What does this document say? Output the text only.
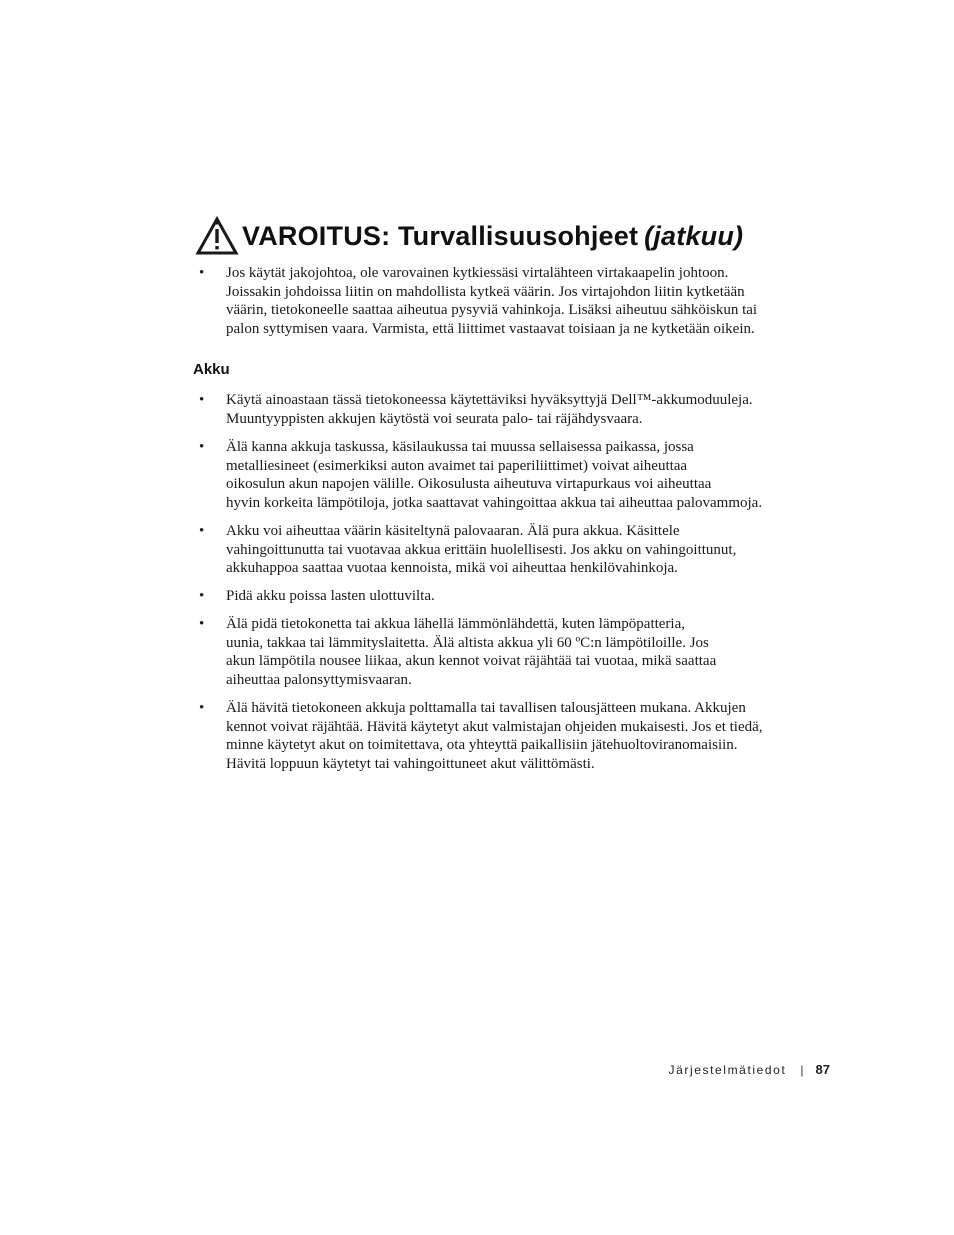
VAROITUS: Turvallisuusohjeet (jatkuu)
•	Jos käytät jakojohtoa, ole varovainen kytkiessäsi virtalähteen virtakaapelin johtoon.
Joissakin johdoissa liitin on mahdollista kytkeä väärin. Jos virtajohdon liitin kytketään
väärin, tietokoneelle saattaa aiheutua pysyviä vahinkoja. Lisäksi aiheutuu sähköiskun tai
palon syttymisen vaara. Varmista, että liittimet vastaavat toisiaan ja ne kytketään oikein.
Akku
•	Käytä ainoastaan tässä tietokoneessa käytettäviksi hyväksyttyjä Dell™-akkumoduuleja.
Muuntyyppisten akkujen käytöstä voi seurata palo- tai räjähdysvaara.
•	Älä kanna akkuja taskussa, käsilaukussa tai muussa sellaisessa paikassa, jossa
metalliesineet (esimerkiksi auton avaimet tai paperiliittimet) voivat aiheuttaa
oikosulun akun napojen välille. Oikosulusta aiheutuva virtapurkaus voi aiheuttaa
hyvin korkeita lämpötiloja, jotka saattavat vahingoittaa akkua tai aiheuttaa palovammoja.
•	Akku voi aiheuttaa väärin käsiteltynä palovaaran. Älä pura akkua. Käsittele
vahingoittunutta tai vuotavaa akkua erittäin huolellisesti. Jos akku on vahingoittunut,
akkuhappoa saattaa vuotaa kennoista, mikä voi aiheuttaa henkilövahinkoja.
•	Pidä akku poissa lasten ulottuvilta.
•	Älä pidä tietokonetta tai akkua lähellä lämmönlähdettä, kuten lämpöpatteria,
uunia, takkaa tai lämmityslaitetta. Älä altista akkua yli 60 ºC:n lämpötiloille. Jos
akun lämpötila nousee liikaa, akun kennot voivat räjähtää tai vuotaa, mikä saattaa
aiheuttaa palonsyttymisvaaran.
•	Älä hävitä tietokoneen akkuja polttamalla tai tavallisen talousjätteen mukana. Akkujen
kennot voivat räjähtää. Hävitä käytetyt akut valmistajan ohjeiden mukaisesti. Jos et tiedä,
minne käytetyt akut on toimitettava, ota yhteyttä paikallisiin jätehuoltoviranomaisiin.
Hävitä loppuun käytetyt tai vahingoittuneet akut välittömästi.
Järjestelmätiedot | 87
